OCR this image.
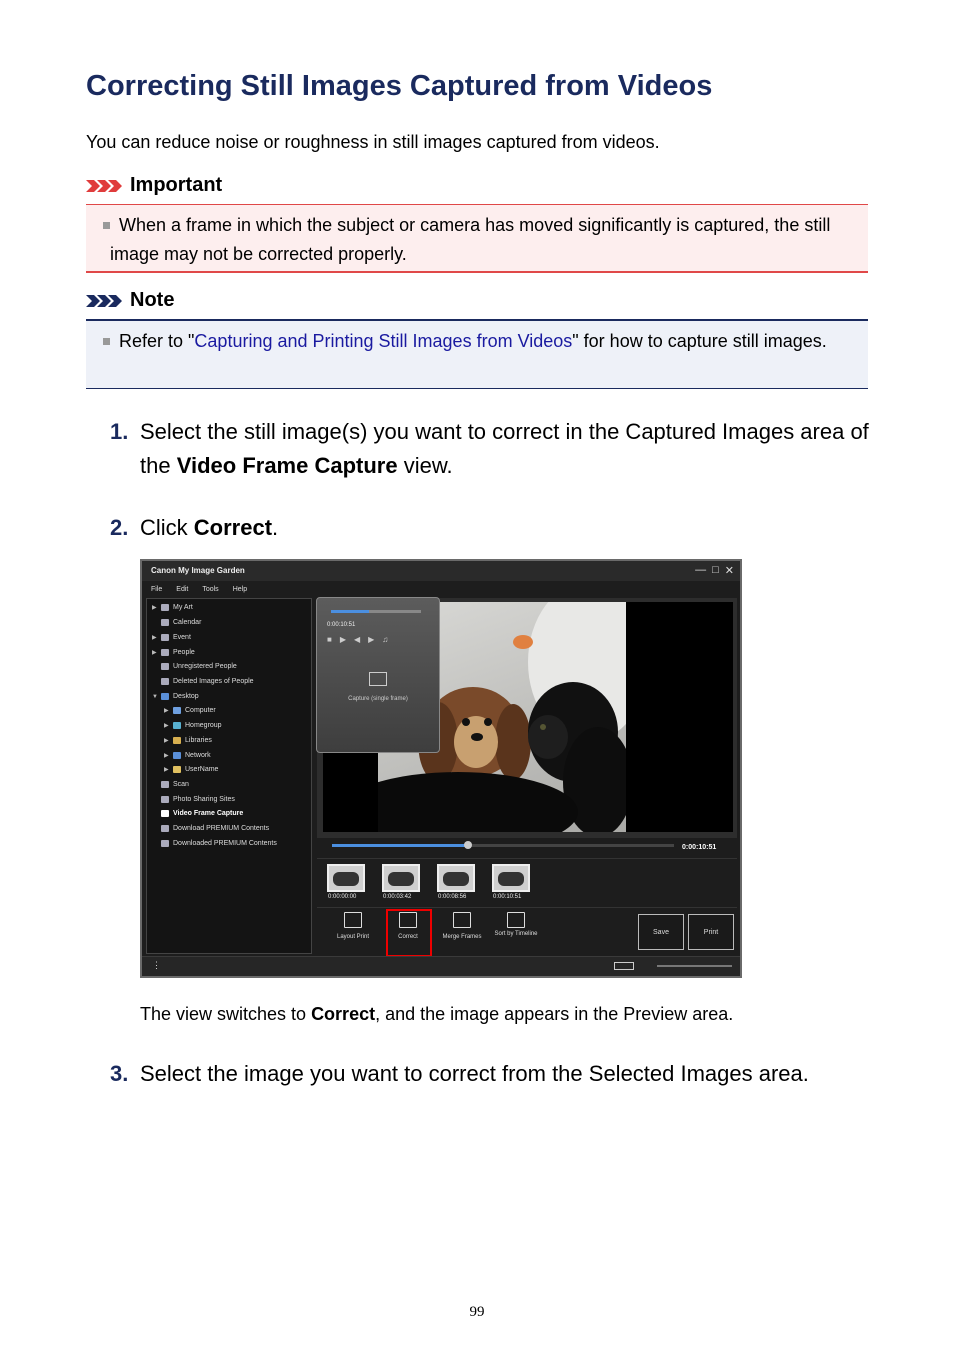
Correcting Still Images Captured from Videos
You can reduce noise or roughness in still images captured from videos.
Important
When a frame in which the subject or camera has moved significantly is captured, the still image may not be corrected properly.
Note
Refer to "Capturing and Printing Still Images from Videos" for how to capture still images.
1. Select the still image(s) you want to correct in the Captured Images area of the Video Frame Capture view.
2. Click Correct.
Canon My Image Garden	— □ ✕
File Edit Tools Help
▶ My Art
Calendar
▶ Event
▶ People
Unregistered People
Deleted Images of People
▼ Desktop
▶ Computer
▶ Homegroup
▶ Libraries
▶ Network
▶ UserName
Scan
Photo Sharing Sites
Video Frame Capture
Download PREMIUM Contents
Downloaded PREMIUM Contents
0:00:10:51
■▶◀▶♫
Capture (single frame)
0:00:10:51
0:00:00:00	0:00:03:42	0:00:08:56	0:00:10:51
Layout Print	Correct	Merge Frames	Sort by Timeline	Save	Print
⋮
The view switches to Correct, and the image appears in the Preview area.
3. Select the image you want to correct from the Selected Images area.
99
